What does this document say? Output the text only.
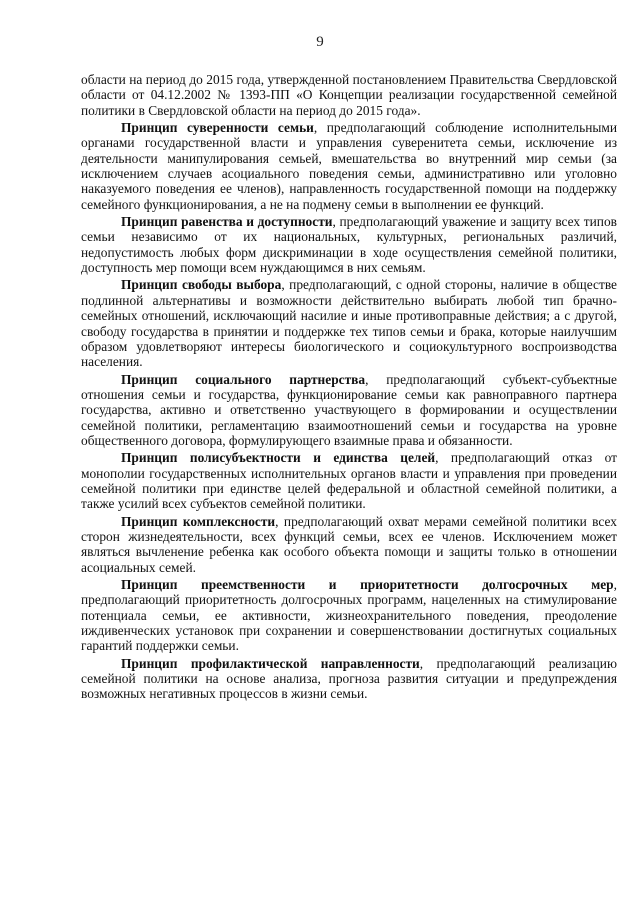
9

области на период до 2015 года, утвержденной постановлением Правительства Свердловской области от 04.12.2002 № 1393-ПП «О Концепции реализации государственной семейной политики в Свердловской области на период до 2015 года».

Принцип суверенности семьи, предполагающий соблюдение исполнительными органами государственной власти и управления суверенитета семьи, исключение из деятельности манипулирования семьей, вмешательства во внутренний мир семьи (за исключением случаев асоциального поведения семьи, административно или уголовно наказуемого поведения ее членов), направленность государственной помощи на поддержку семейного функционирования, а не на подмену семьи в выполнении ее функций.

Принцип равенства и доступности, предполагающий уважение и защиту всех типов семьи независимо от их национальных, культурных, региональных различий, недопустимость любых форм дискриминации в ходе осуществления семейной политики, доступность мер помощи всем нуждающимся в них семьям.

Принцип свободы выбора, предполагающий, с одной стороны, наличие в обществе подлинной альтернативы и возможности действительно выбирать любой тип брачно-семейных отношений, исключающий насилие и иные противоправные действия; а с другой, свободу государства в принятии и поддержке тех типов семьи и брака, которые наилучшим образом удовлетворяют интересы биологического и социокультурного воспроизводства населения.

Принцип социального партнерства, предполагающий субъект-субъектные отношения семьи и государства, функционирование семьи как равноправного партнера государства, активно и ответственно участвующего в формировании и осуществлении семейной политики, регламентацию взаимоотношений семьи и государства на уровне общественного договора, формулирующего взаимные права и обязанности.

Принцип полисубъектности и единства целей, предполагающий отказ от монополии государственных исполнительных органов власти и управления при проведении семейной политики при единстве целей федеральной и областной семейной политики, а также усилий всех субъектов семейной политики.

Принцип комплексности, предполагающий охват мерами семейной политики всех сторон жизнедеятельности, всех функций семьи, всех ее членов. Исключением может являться вычленение ребенка как особого объекта помощи и защиты только в отношении асоциальных семей.

Принцип преемственности и приоритетности долгосрочных мер, предполагающий приоритетность долгосрочных программ, нацеленных на стимулирование потенциала семьи, ее активности, жизнеохранительного поведения, преодоление иждивенческих установок при сохранении и совершенствовании достигнутых социальных гарантий поддержки семьи.

Принцип профилактической направленности, предполагающий реализацию семейной политики на основе анализа, прогноза развития ситуации и предупреждения возможных негативных процессов в жизни семьи.
